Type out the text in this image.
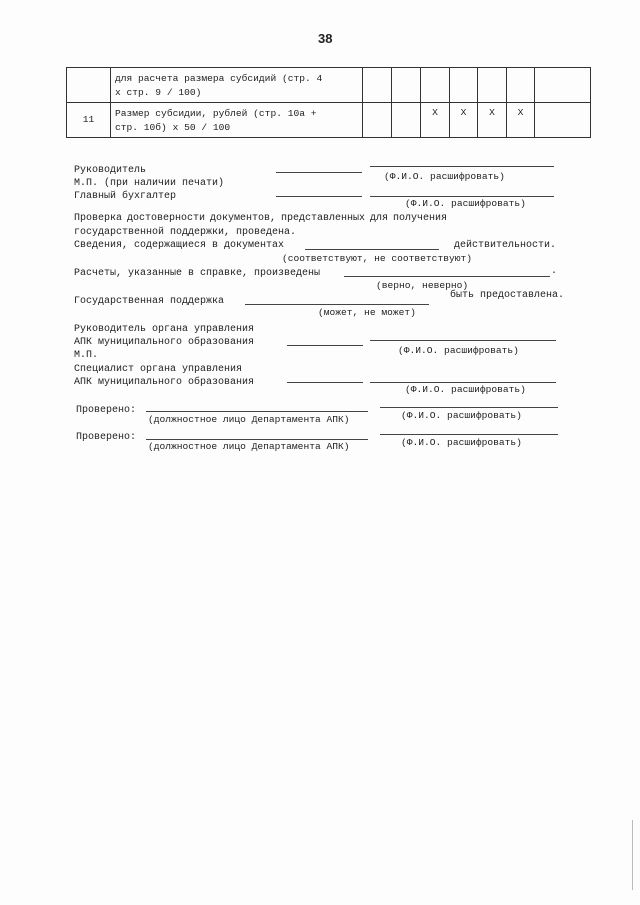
38

	для расчета размера субсидий (стр. 4
x стр. 9 / 100)							

11	Размер субсидии, рублей (стр. 10а +
стр. 10б) x 50 / 100			X	X	X	X	
Руководитель
(Ф.И.О. расшифровать)
М.П. (при наличии печати)
Главный бухгалтер
(Ф.И.О. расшифровать)
Проверка достоверности документов, представленных для получения
государственной поддержки, проведена.
Сведения, содержащиеся в документах	действительности.
(соответствуют, не соответствуют)
Расчеты, указанные в справке, произведены	.
(верно, неверно)
Государственная поддержка
быть предоставлена.
(может, не может)
Руководитель органа управления
АПК муниципального образования
(Ф.И.О. расшифровать)
М.П.
Специалист органа управления
АПК муниципального образования
(Ф.И.О. расшифровать)
Проверено:
(должностное лицо Департамента АПК)	(Ф.И.О. расшифровать)
Проверено:
(должностное лицо Департамента АПК)	(Ф.И.О. расшифровать)
